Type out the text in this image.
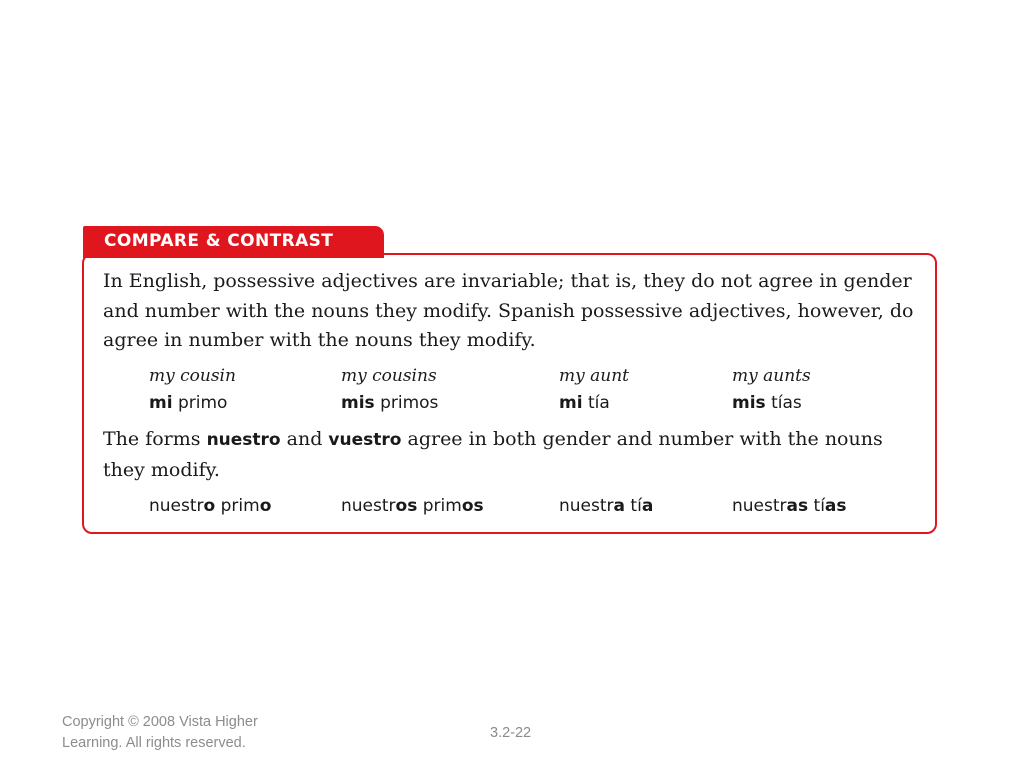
COMPARE & CONTRAST
In English, possessive adjectives are invariable; that is, they do not agree in gender
and number with the nouns they modify. Spanish possessive adjectives, however, do
agree in number with the nouns they modify.
my cousin	my cousins	my aunt	my aunts
mi primo	mis primos	mi tía	mis tías
The forms nuestro and vuestro agree in both gender and number with the nouns
they modify.
nuestro primo	nuestros primos	nuestra tía	nuestras tías
Copyright © 2008 Vista Higher
Learning. All rights reserved.
3.2-22
